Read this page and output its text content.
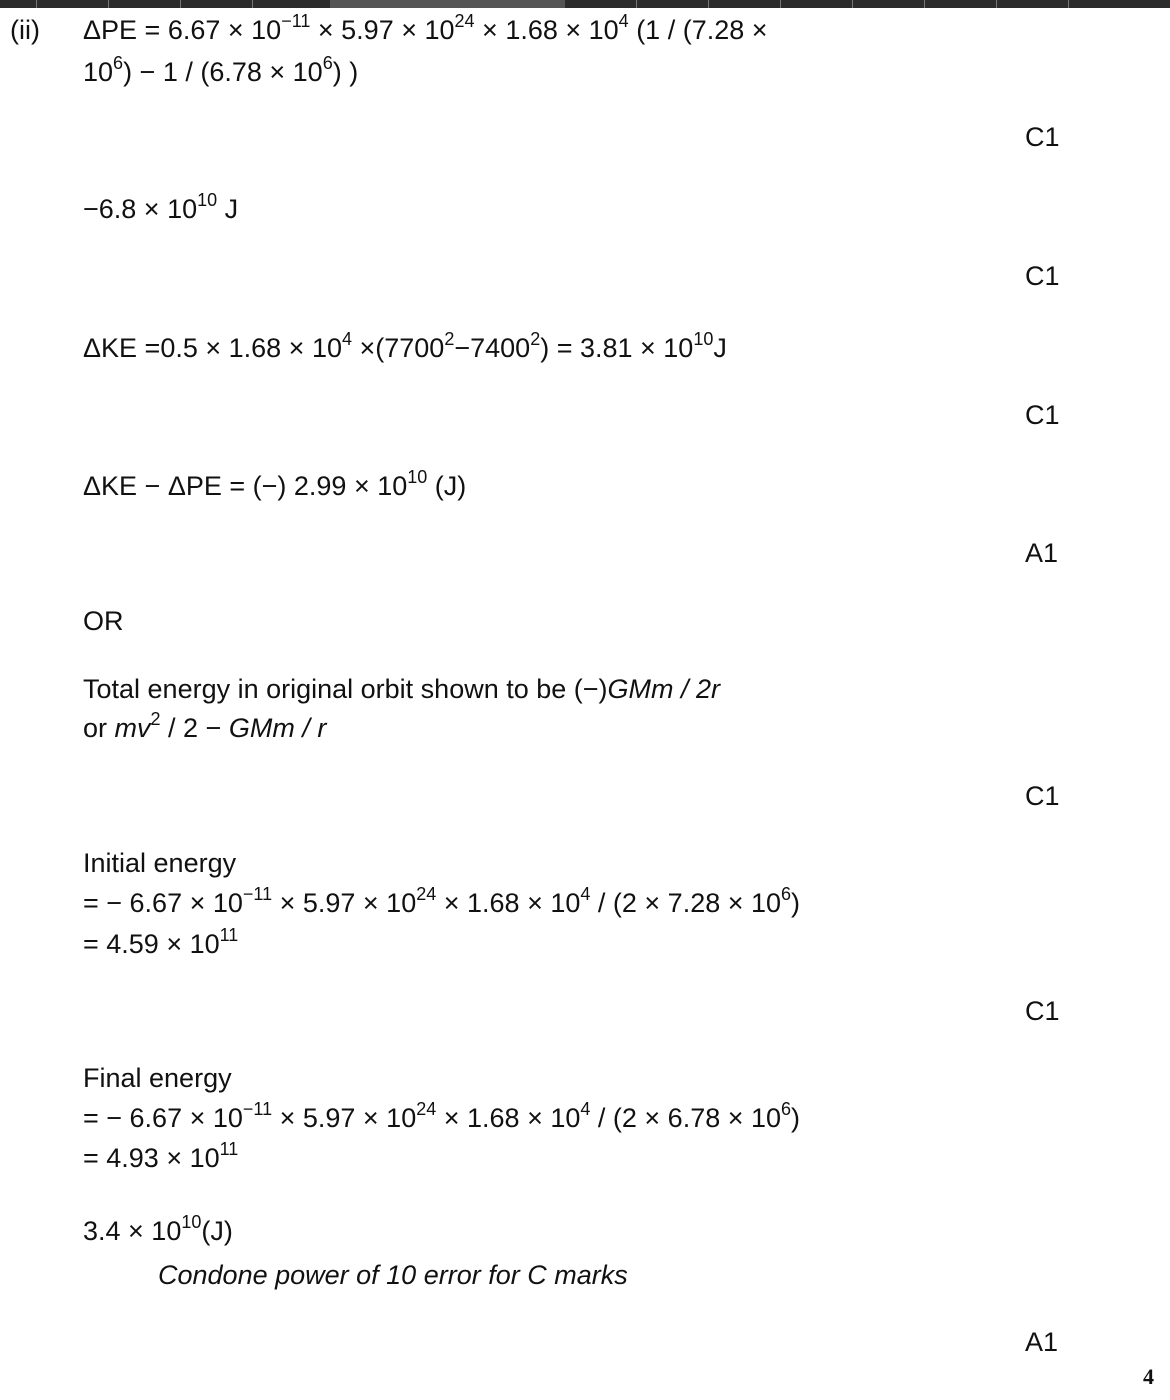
(ii) $\Delta PE = 6.67 \times 10^{-11} \times 5.97 \times 10^{24} \times 1.68 \times 10^4$ (1 / (7.28 ×
$10^6) - 1 / (6.78 \times 10^6)$ )
C1
$-6.8 \times 10^{10}$ J
C1
$\Delta KE =0.5 \times 1.68 \times 10^4 \times(7700^2-7400^2) = 3.81 \times 10^{10}J$
C1
ΔKE − ΔPE = (−) $2.99 \times 10^{10}$ (J)
A1
OR
Total energy in original orbit shown to be (−)GMm / 2r
or $mv^2 / 2$ − GMm / r
C1
Initial energy
= − $6.67 \times 10^{-11} \times 5.97 \times 10^{24} \times 1.68 \times 10^4 / (2 \times 7.28 \times 10^6)$
= $4.59 \times 10^{11}$
C1
Final energy
= − $6.67 \times 10^{-11} \times 5.97 \times 10^{24} \times 1.68 \times 10^4 / (2 \times 6.78 \times 10^6)$
= $4.93 \times 10^{11}$
$3.4 \times 10^{10}(J)$
Condone power of 10 error for C marks
A1
4
